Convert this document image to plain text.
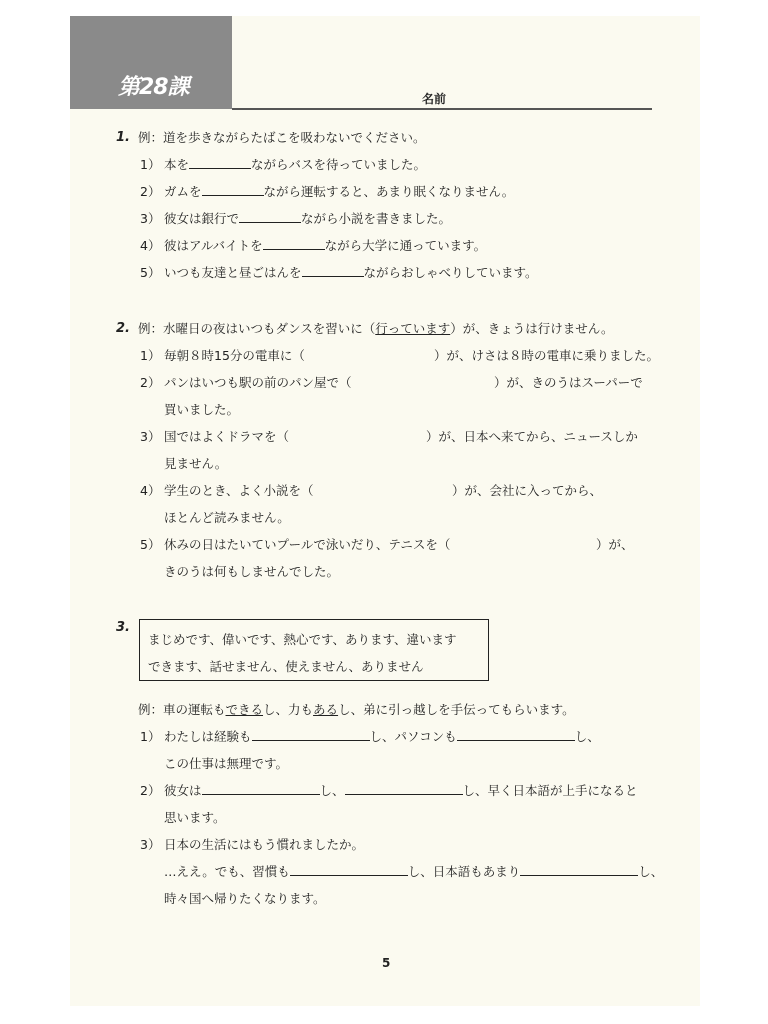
第28課	名前
1. 例：道を歩きながらたばこを吸わないでください。
1） 本を	ながらバスを待っていました。
2） ガムを	ながら運転すると、あまり眠くなりません。
3） 彼女は銀行で	ながら小説を書きました。
4） 彼はアルバイトを	ながら大学に通っています。
5） いつも友達と昼ごはんを	ながらおしゃべりしています。
2. 例：水曜日の夜はいつもダンスを習いに（行っています）が、きょうは行けません。
1） 毎朝８時15分の電車に（	）が、けさは８時の電車に乗りました。
2） パンはいつも駅の前のパン屋で（	）が、きのうはスーパーで
買いました。
3） 国ではよくドラマを（	）が、日本へ来てから、ニュースしか
見ません。
4） 学生のとき、よく小説を（	）が、会社に入ってから、
ほとんど読みません。
5） 休みの日はたいていプールで泳いだり、テニスを（	）が、
きのうは何もしませんでした。
3.
まじめです、偉いです、熱心です、あります、違います
できます、話せません、使えません、ありません
例：車の運転もできるし、力もあるし、弟に引っ越しを手伝ってもらいます。
1） わたしは経験も	し、パソコンも	し、
この仕事は無理です。
2） 彼女は	し、	し、早く日本語が上手になると
思います。
3） 日本の生活にはもう慣れましたか。
…ええ。でも、習慣も	し、日本語もあまり	し、
時々国へ帰りたくなります。
5
